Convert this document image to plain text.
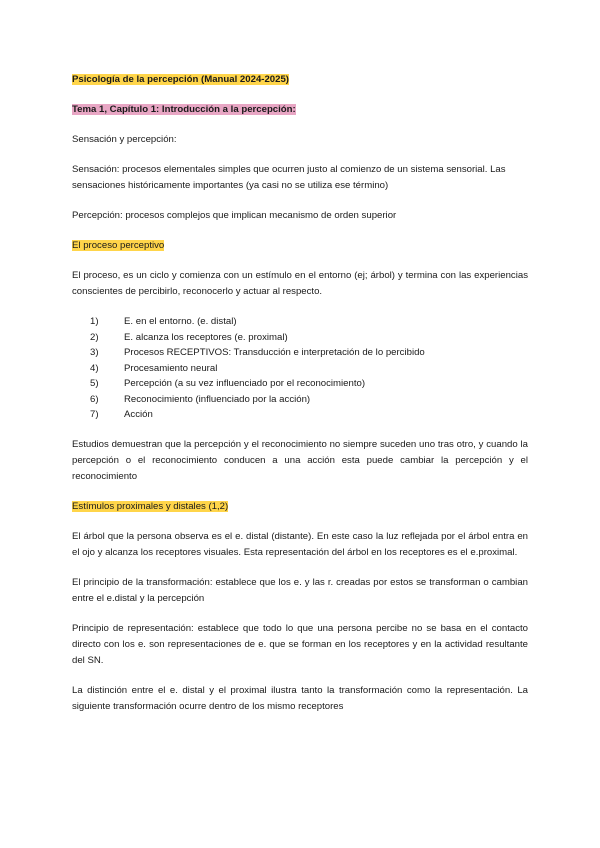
Psicología de la percepción (Manual 2024-2025)

Tema 1, Capítulo 1: Introducción a la percepción:

Sensación y percepción:

Sensación: procesos elementales simples que ocurren justo al comienzo de un sistema sensorial. Las sensaciones históricamente importantes (ya casi no se utiliza ese término)

Percepción: procesos complejos que implican mecanismo de orden superior

El proceso perceptivo

El proceso, es un ciclo y comienza con un estímulo en el entorno (ej; árbol) y termina con las experiencias conscientes de percibirlo, reconocerlo y actuar al respecto.

1)	E. en el entorno. (e. distal)
2)	E. alcanza los receptores (e. proximal)
3)	Procesos RECEPTIVOS: Transducción e interpretación de lo percibido
4)	Procesamiento neural
5)	Percepción (a su vez influenciado por el reconocimiento)
6)	Reconocimiento (influenciado por la acción)
7)	Acción

Estudios demuestran que la percepción y el reconocimiento no siempre suceden uno tras otro, y cuando la percepción o el reconocimiento conducen a una acción esta puede cambiar la percepción y el reconocimiento

Estímulos proximales y distales (1,2)

El árbol que la persona observa es el e. distal (distante). En este caso la luz reflejada por el árbol entra en el ojo y alcanza los receptores visuales. Esta representación del árbol en los receptores es el e.proximal.

El principio de la transformación: establece que los e. y las r. creadas por estos se transforman o cambian entre el e.distal y la percepción

Principio de representación: establece que todo lo que una persona percibe no se basa en el contacto directo con los e. son representaciones de e. que se forman en los receptores y en la actividad resultante del SN.

La distinción entre el e. distal y el proximal ilustra tanto la transformación como la representación. La siguiente transformación ocurre dentro de los mismo receptores
